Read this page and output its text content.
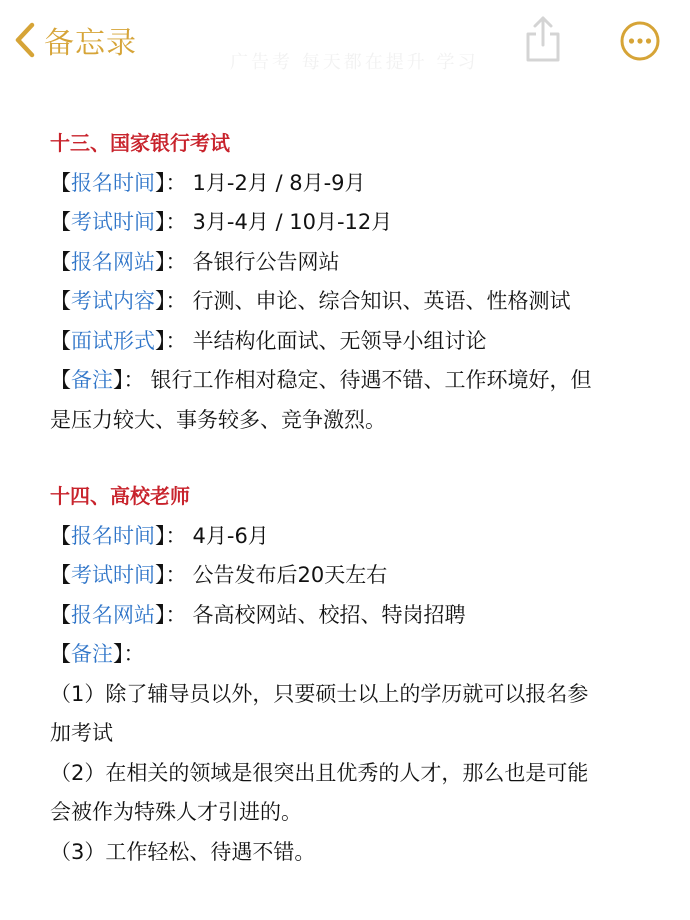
备忘录
广告考 每天都在提升 学习
十三、国家银行考试
【报名时间】： 1月-2月 / 8月-9月
【考试时间】： 3月-4月 / 10月-12月
【报名网站】： 各银行公告网站
【考试内容】： 行测、申论、综合知识、英语、性格测试
【面试形式】： 半结构化面试、无领导小组讨论
【备注】： 银行工作相对稳定、待遇不错、工作环境好，但
是压力较大、事务较多、竞争激烈。
十四、高校老师
【报名时间】： 4月-6月
【考试时间】： 公告发布后20天左右
【报名网站】： 各高校网站、校招、特岗招聘
【备注】：
（1）除了辅导员以外，只要硕士以上的学历就可以报名参
加考试
（2）在相关的领域是很突出且优秀的人才，那么也是可能
会被作为特殊人才引进的。
（3）工作轻松、待遇不错。
